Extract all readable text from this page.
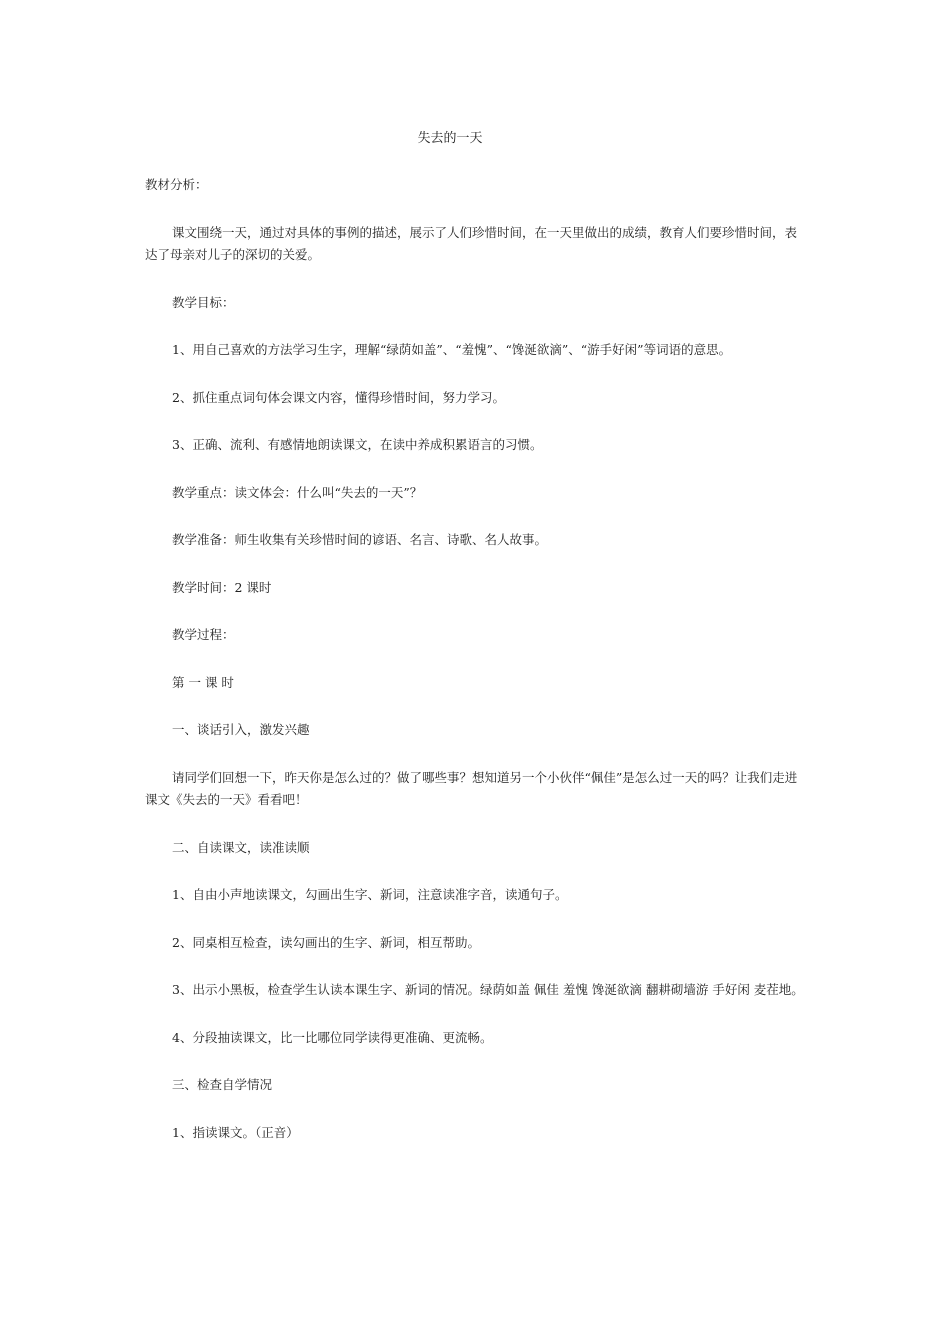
失去的一天

教材分析：

课文围绕一天，通过对具体的事例的描述，展示了人们珍惜时间，在一天里做出的成绩，教育人们要珍惜时间，表达了母亲对儿子的深切的关爱。

教学目标：

1、用自己喜欢的方法学习生字，理解“绿荫如盖”、“羞愧”、“馋涎欲滴”、“游手好闲”等词语的意思。

2、抓住重点词句体会课文内容，懂得珍惜时间，努力学习。

3、正确、流利、有感情地朗读课文，在读中养成积累语言的习惯。

教学重点：读文体会：什么叫“失去的一天”？

教学准备：师生收集有关珍惜时间的谚语、名言、诗歌、名人故事。

教学时间：2 课时

教学过程：

第 一 课 时

一、谈话引入，激发兴趣

请同学们回想一下，昨天你是怎么过的？做了哪些事？想知道另一个小伙伴“佩佳”是怎么过一天的吗？让我们走进课文《失去的一天》看看吧！

二、自读课文，读准读顺

1、自由小声地读课文，勾画出生字、新词，注意读准字音，读通句子。

2、同桌相互检查，读勾画出的生字、新词，相互帮助。

3、出示小黑板，检查学生认读本课生字、新词的情况。绿荫如盖 佩佳 羞愧 馋涎欲滴 翻耕砌墙游 手好闲 麦茬地。

4、分段抽读课文，比一比哪位同学读得更准确、更流畅。

三、检查自学情况

1、指读课文。（正音）
